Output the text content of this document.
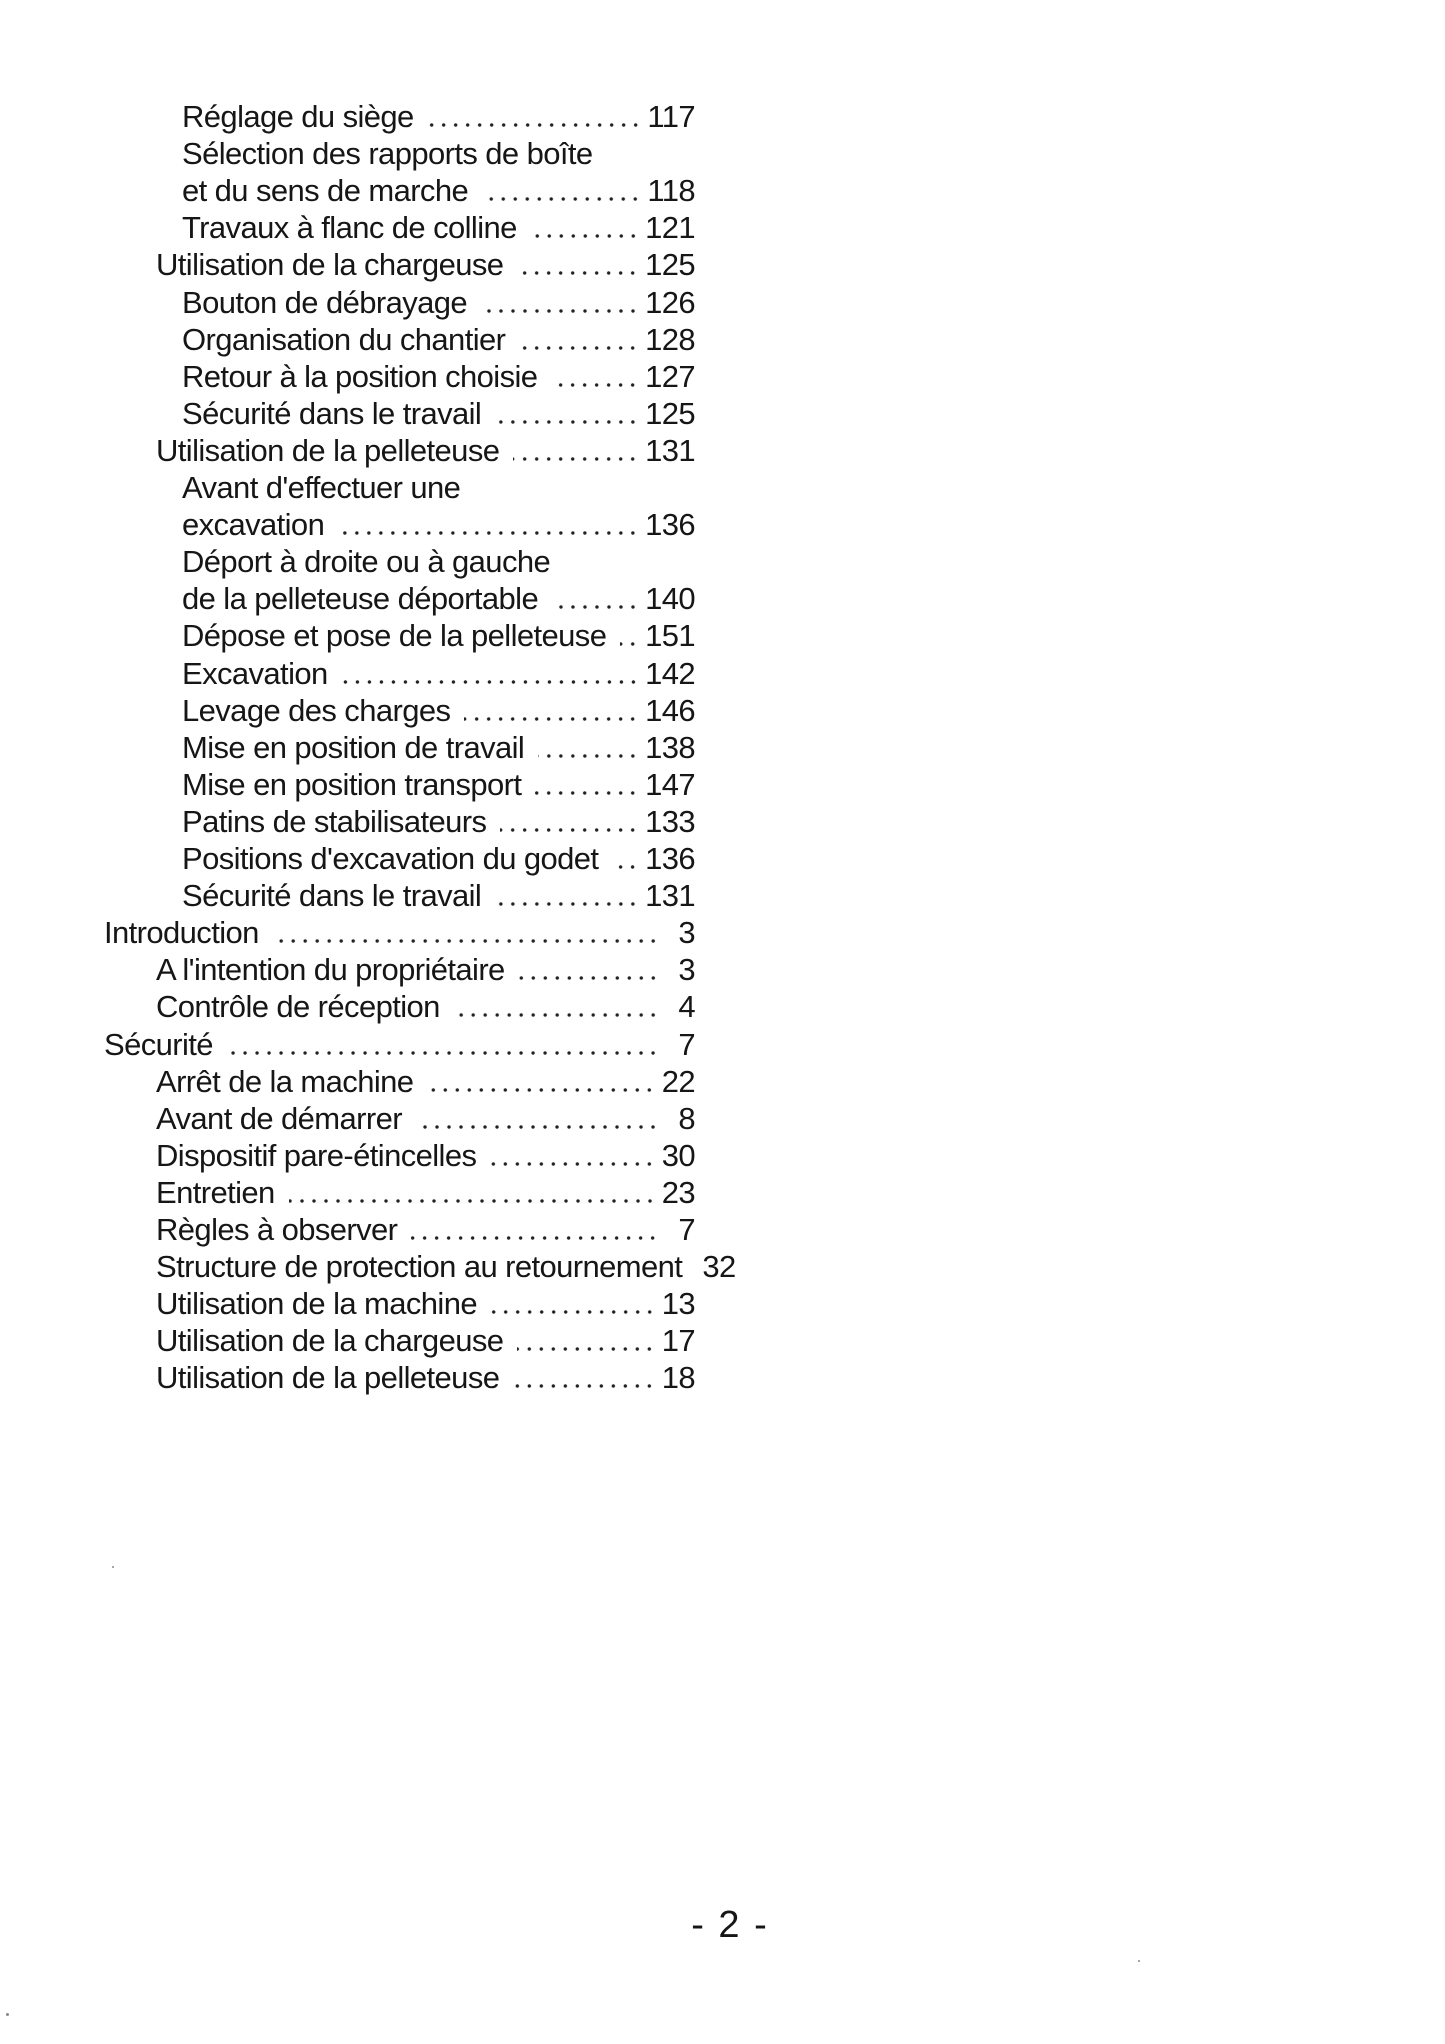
Réglage du siège	117
Sélection des rapports de boîte
et du sens de marche	118
Travaux à flanc de colline	121
Utilisation de la chargeuse	125
Bouton de débrayage	126
Organisation du chantier	128
Retour à la position choisie	127
Sécurité dans le travail	125
Utilisation de la pelleteuse	131
Avant d'effectuer une
excavation	136
Déport à droite ou à gauche
de la pelleteuse déportable	140
Dépose et pose de la pelleteuse 151
Excavation	142
Levage des charges	146
Mise en position de travail	138
Mise en position transport	147
Patins de stabilisateurs	133
Positions d'excavation du godet 136
Sécurité dans le travail	131
Introduction	3
A l'intention du propriétaire	3
Contrôle de réception	4
Sécurité	7
Arrêt de la machine	22
Avant de démarrer	8
Dispositif pare-étincelles	30
Entretien	23
Règles à observer	7
Structure de protection au retournement 32
Utilisation de la machine	13
Utilisation de la chargeuse	17
Utilisation de la pelleteuse	18
- 2 -
